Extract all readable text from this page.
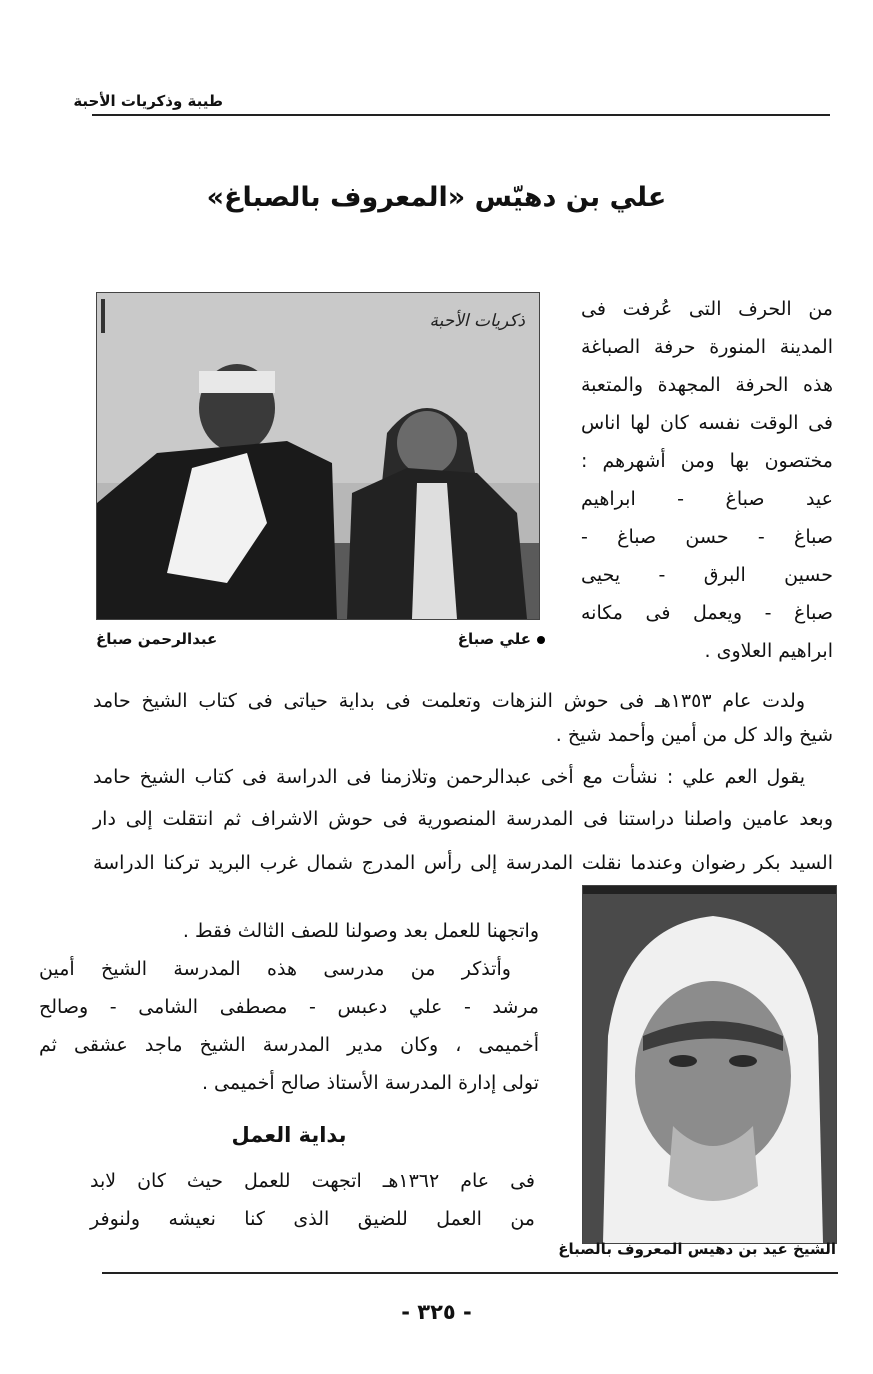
طيبة وذكريات الأحبة
علي بن دهيّس «المعروف بالصباغ»
ذكريات الأحبة
عبدالرحمن صباغ	علي صباغ
من الحرف التى عُرفت فى
المدينة المنورة حرفة الصباغة
هذه الحرفة المجهدة والمتعبة
فى الوقت نفسه كان لها اناس
مختصون بها ومن أشهرهم :
عيد صباغ - ابراهيم
صباغ - حسن صباغ -
حسين البرق - يحيى
صباغ - ويعمل فى مكانه
ابراهيم العلاوى .
ولدت عام ١٣٥٣هـ فى حوش النزهات وتعلمت فى بداية حياتى فى كتاب الشيخ حامد
شيخ والد كل من أمين وأحمد شيخ .
يقول العم علي : نشأت مع أخى عبدالرحمن وتلازمنا فى الدراسة فى كتاب الشيخ حامد
وبعد عامين واصلنا دراستنا فى المدرسة المنصورية فى حوش الاشراف ثم انتقلت إلى دار
السيد بكر رضوان وعندما نقلت المدرسة إلى رأس المدرج شمال غرب البريد تركنا الدراسة
الشيخ عيد بن دهيس المعروف بالصباغ
واتجهنا للعمل بعد وصولنا للصف الثالث فقط .
وأتذكر من مدرسى هذه المدرسة الشيخ أمين
مرشد - علي دعبس - مصطفى الشامى - وصالح
أخميمى ، وكان مدير المدرسة الشيخ ماجد عشقى ثم
تولى إدارة المدرسة الأستاذ صالح أخميمى .
بداية العمل
فى عام ١٣٦٢هـ اتجهت للعمل حيث كان لابد
من العمل للضيق الذى كنا نعيشه ولنوفر
- ٣٢٥ -
